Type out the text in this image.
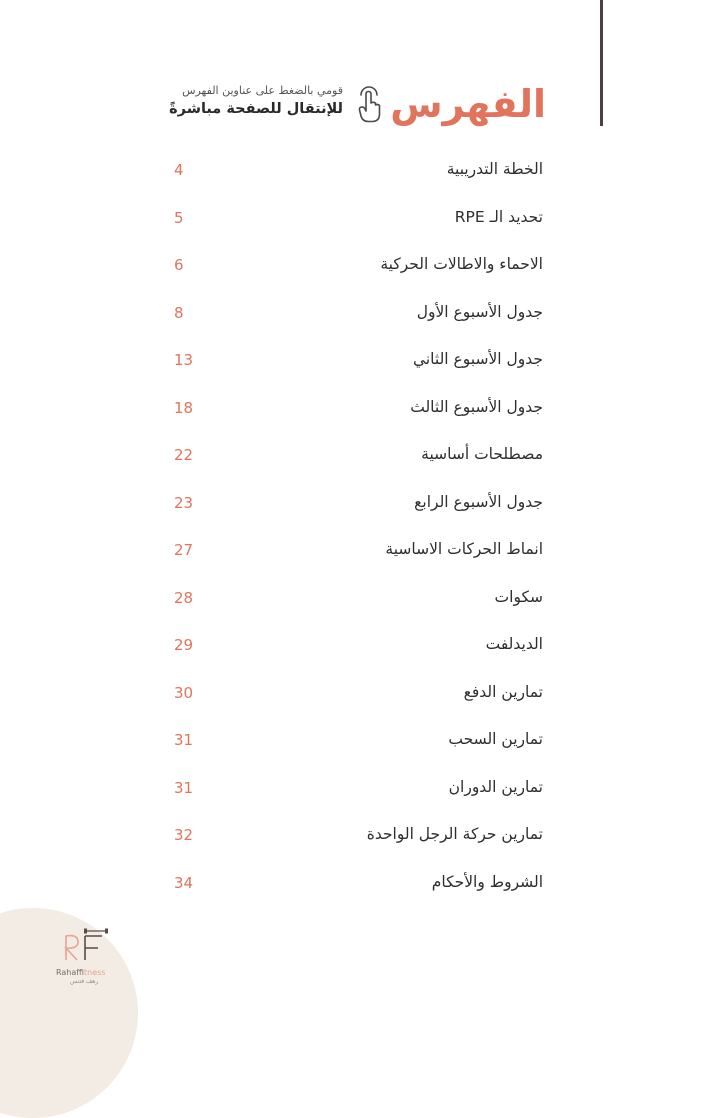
الفهرس
قومي بالضغط على عناوين الفهرس
للإنتقال للصفحة مباشرةً
الخطة التدريبية
4
تحديد الـ RPE
5
الاحماء والاطالات الحركية
6
جدول الأسبوع الأول
8
جدول الأسبوع الثاني
13
جدول الأسبوع الثالث
18
مصطلحات أساسية
22
جدول الأسبوع الرابع
23
انماط الحركات الاساسية
27
سكوات
28
الديدلفت
29
تمارين الدفع
30
تمارين السحب
31
تمارين الدوران
31
تمارين حركة الرجل الواحدة
32
الشروط والأحكام
34
Rahaffitness
رهف فتنس
